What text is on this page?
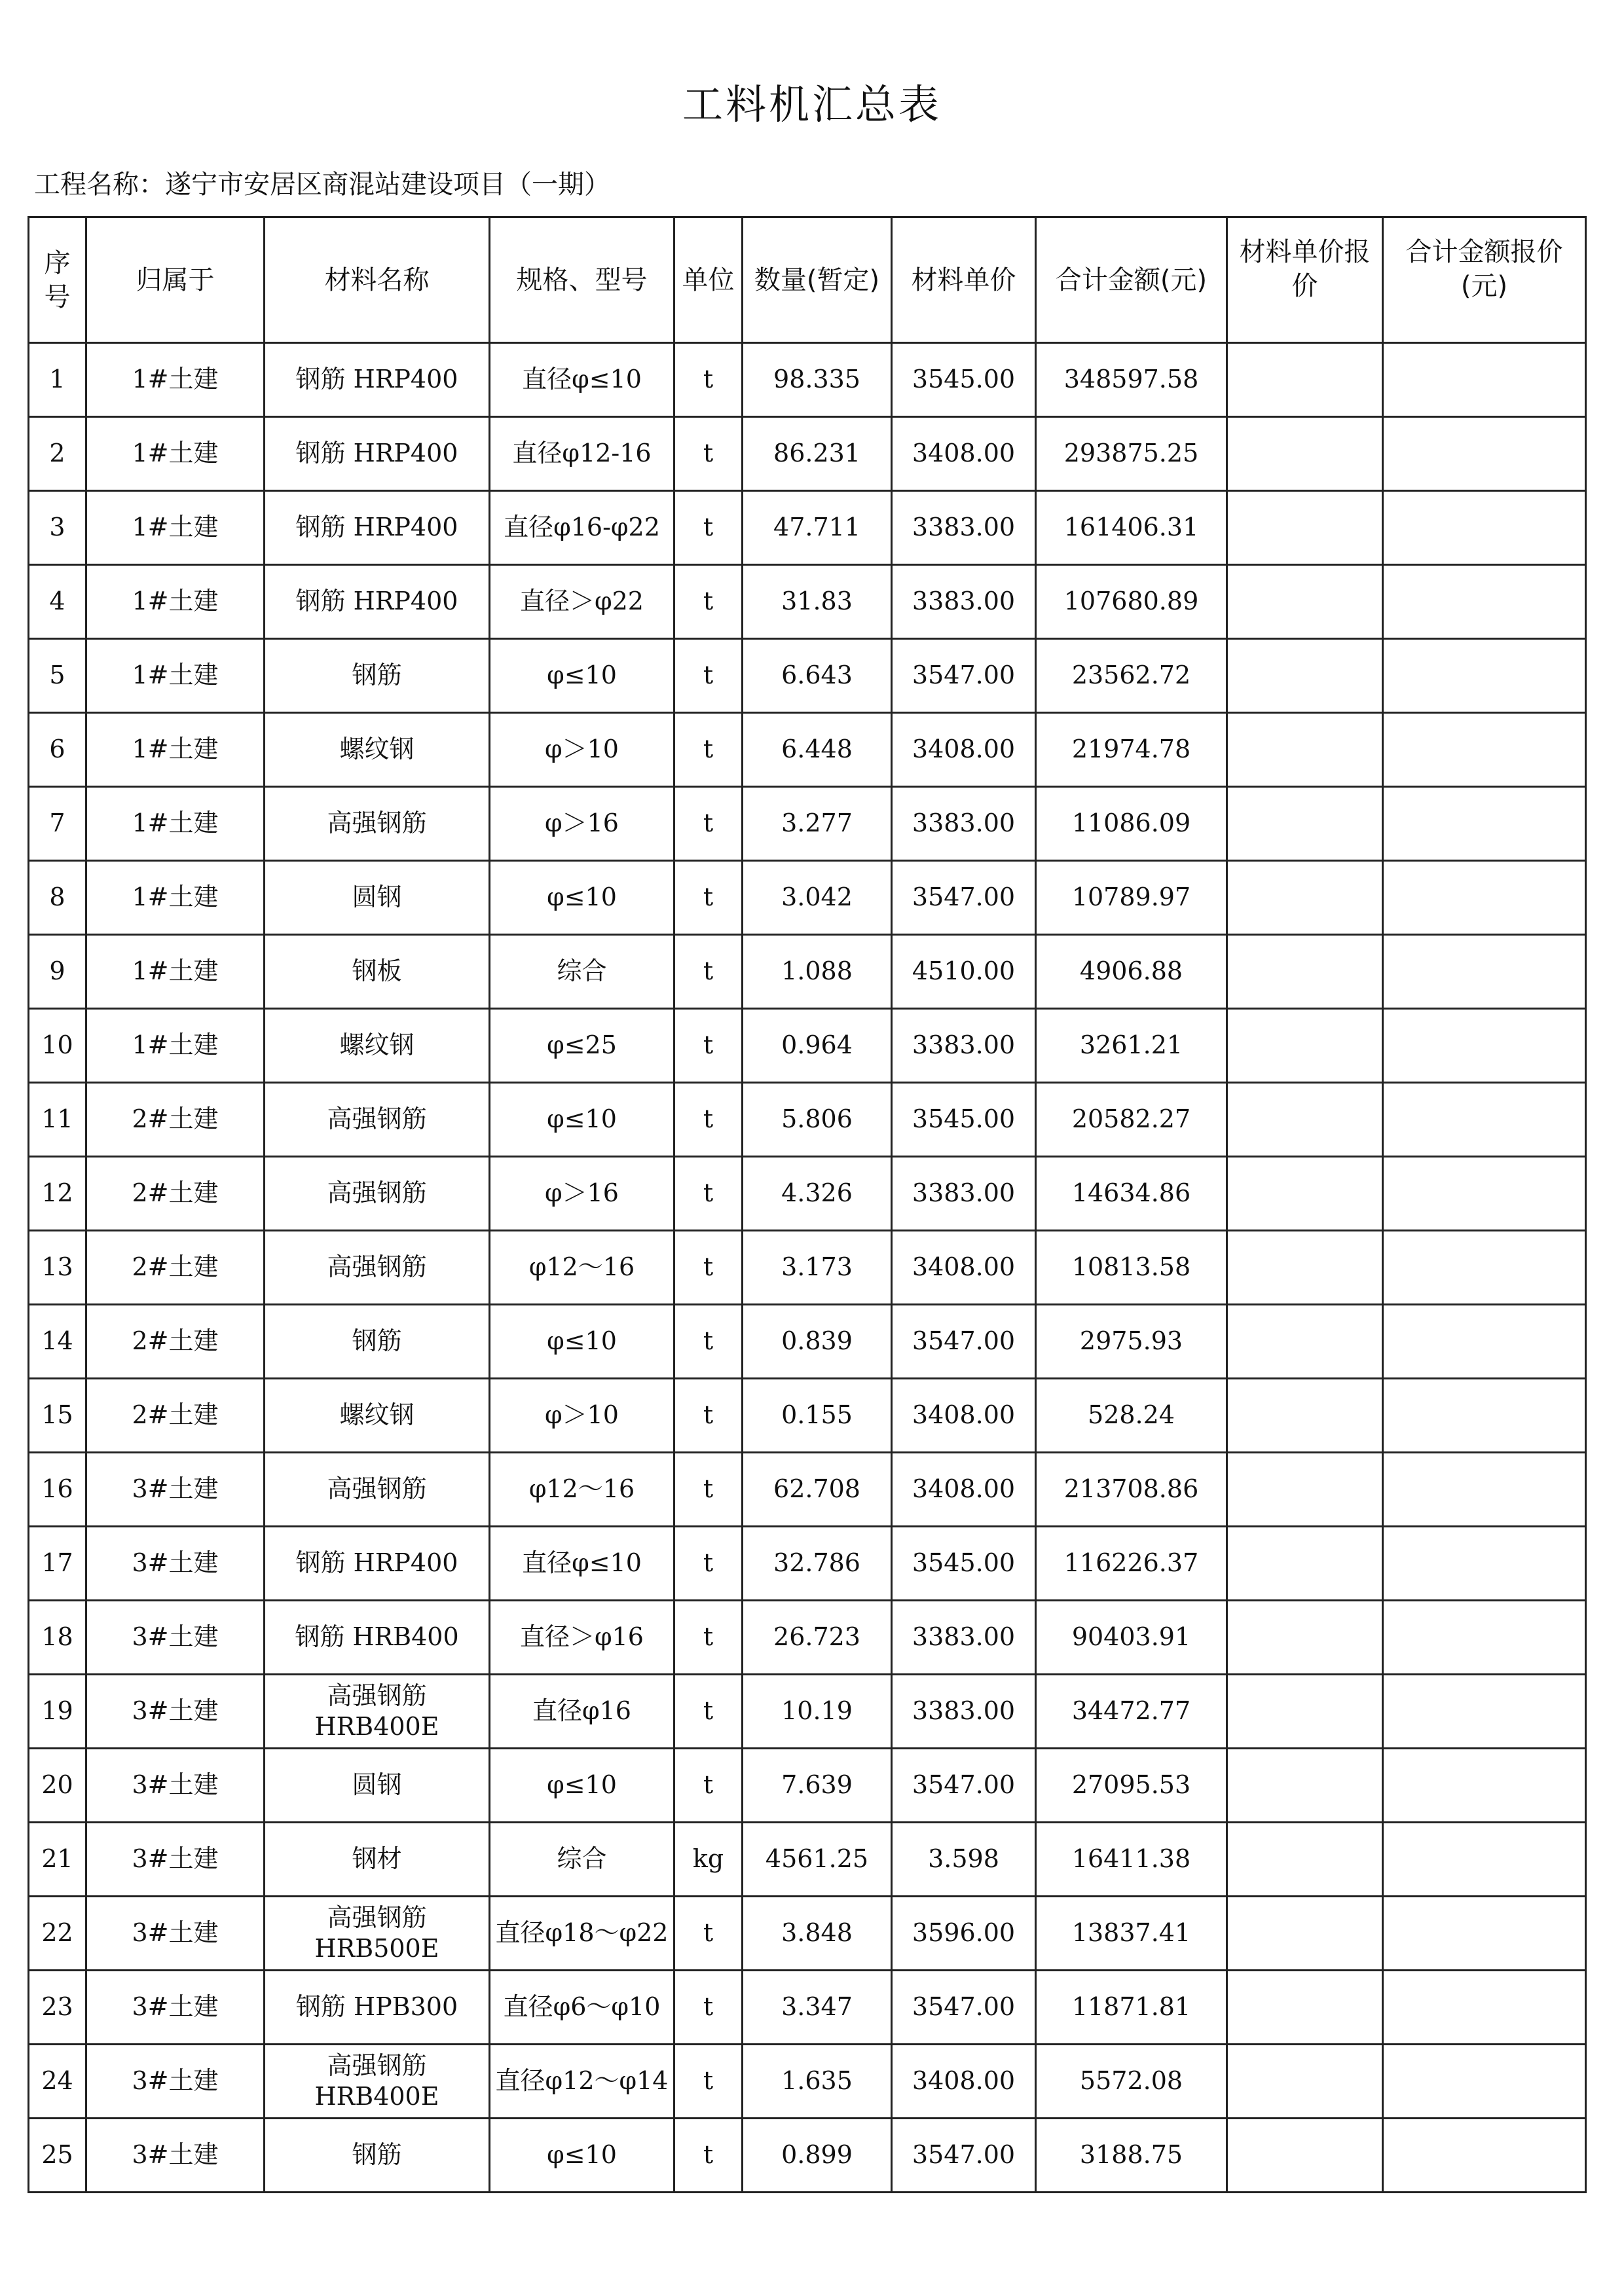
工料机汇总表
工程名称：遂宁市安居区商混站建设项目（一期）
序号	归属于	材料名称	规格、型号	单位	数量(暂定)	材料单价	合计金额(元)	材料单价报价	合计金额报价(元)
1	1#土建	钢筋 HRP400	直径φ≤10	t	98.335	3545.00	348597.58		
2	1#土建	钢筋 HRP400	直径φ12-16	t	86.231	3408.00	293875.25		
3	1#土建	钢筋 HRP400	直径φ16-φ22	t	47.711	3383.00	161406.31		
4	1#土建	钢筋 HRP400	直径＞φ22	t	31.83	3383.00	107680.89		
5	1#土建	钢筋	φ≤10	t	6.643	3547.00	23562.72		
6	1#土建	螺纹钢	φ＞10	t	6.448	3408.00	21974.78		
7	1#土建	高强钢筋	φ＞16	t	3.277	3383.00	11086.09		
8	1#土建	圆钢	φ≤10	t	3.042	3547.00	10789.97		
9	1#土建	钢板	综合	t	1.088	4510.00	4906.88		
10	1#土建	螺纹钢	φ≤25	t	0.964	3383.00	3261.21		
11	2#土建	高强钢筋	φ≤10	t	5.806	3545.00	20582.27		
12	2#土建	高强钢筋	φ＞16	t	4.326	3383.00	14634.86		
13	2#土建	高强钢筋	φ12～16	t	3.173	3408.00	10813.58		
14	2#土建	钢筋	φ≤10	t	0.839	3547.00	2975.93		
15	2#土建	螺纹钢	φ＞10	t	0.155	3408.00	528.24		
16	3#土建	高强钢筋	φ12～16	t	62.708	3408.00	213708.86		
17	3#土建	钢筋 HRP400	直径φ≤10	t	32.786	3545.00	116226.37		
18	3#土建	钢筋 HRB400	直径＞φ16	t	26.723	3383.00	90403.91		
19	3#土建	高强钢筋 HRB400E	直径φ16	t	10.19	3383.00	34472.77		
20	3#土建	圆钢	φ≤10	t	7.639	3547.00	27095.53		
21	3#土建	钢材	综合	kg	4561.25	3.598	16411.38		
22	3#土建	高强钢筋 HRB500E	直径φ18～φ22	t	3.848	3596.00	13837.41		
23	3#土建	钢筋 HPB300	直径φ6～φ10	t	3.347	3547.00	11871.81		
24	3#土建	高强钢筋 HRB400E	直径φ12～φ14	t	1.635	3408.00	5572.08		
25	3#土建	钢筋	φ≤10	t	0.899	3547.00	3188.75		
